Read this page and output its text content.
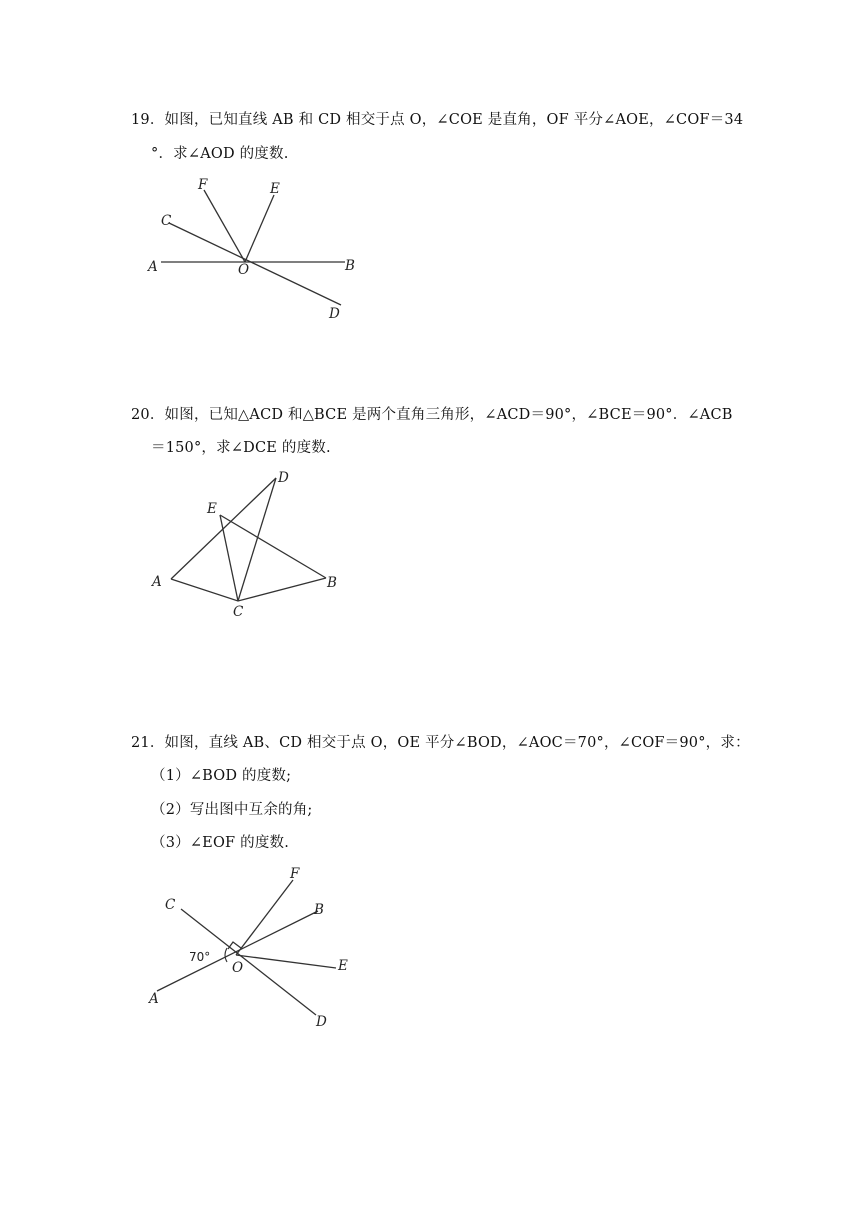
19．如图，已知直线 AB 和 CD 相交于点 O，∠COE 是直角，OF 平分∠AOE，∠COF＝34
°．求∠AOD 的度数.
F	E
C
A	O	B
D
20．如图，已知△ACD 和△BCE 是两个直角三角形，∠ACD＝90°，∠BCE＝90°．∠ACB
＝150°，求∠DCE 的度数.
D
E
A	B
C
21．如图，直线 AB、CD 相交于点 O，OE 平分∠BOD，∠AOC＝70°，∠COF＝90°，求：
（1）∠BOD 的度数;
（2）写出图中互余的角;
（3）∠EOF 的度数.
F
B
C
70°
O	E
A
D
